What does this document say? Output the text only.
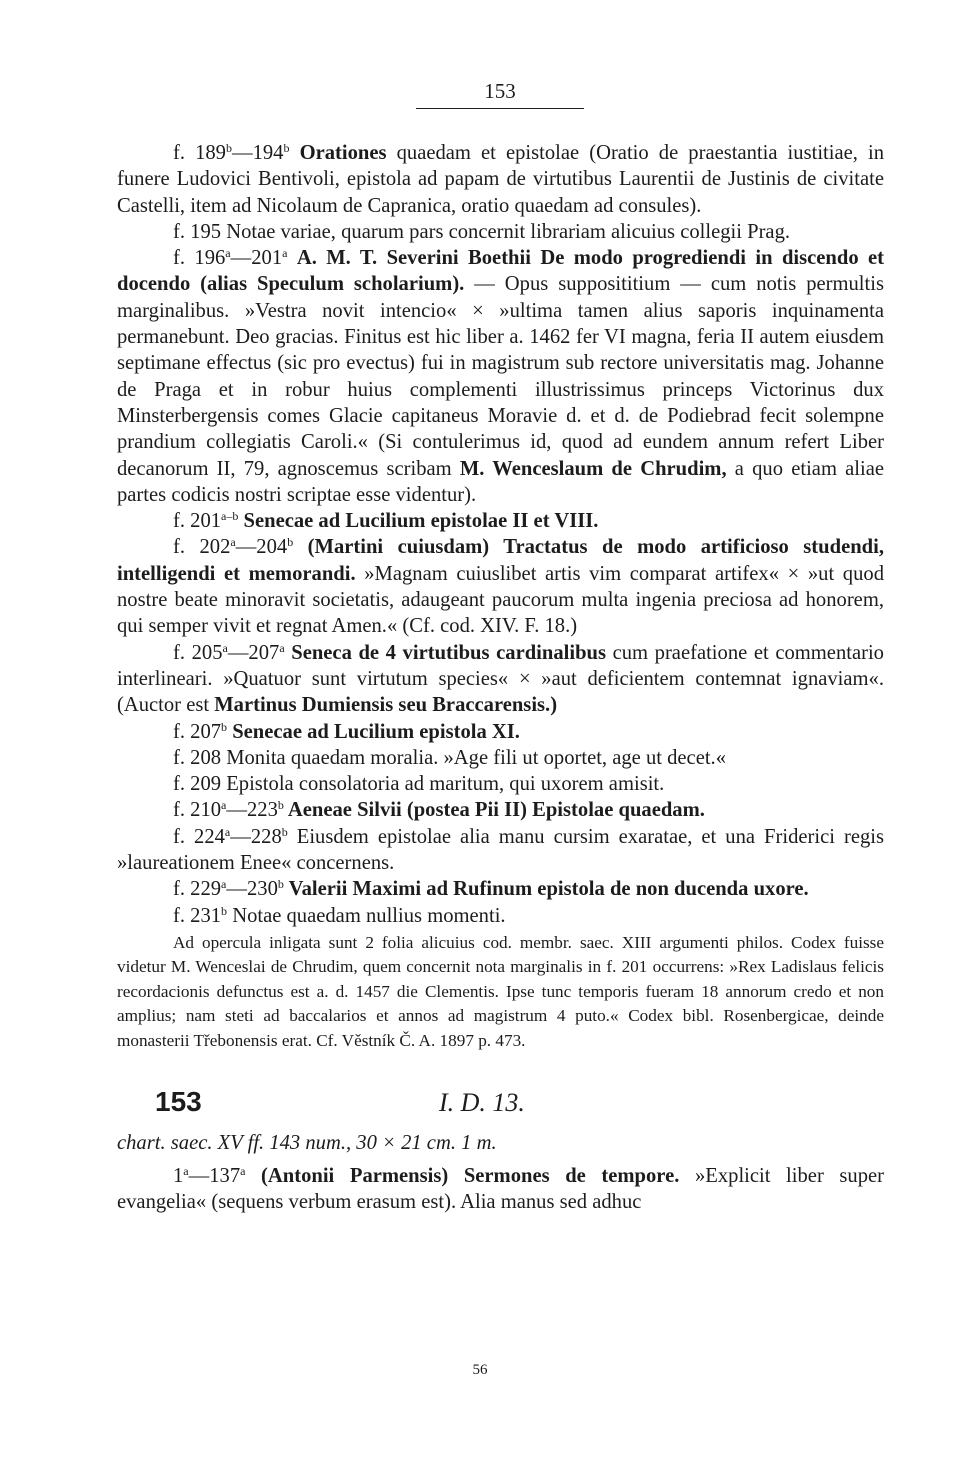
153

f. 189$^b$—194$^b$ Orationes quaedam et epistolae (Oratio de praestantia iustitiae, in funere Ludovici Bentivoli, epistola ad papam de virtutibus Laurentii de Justinis de civitate Castelli, item ad Nicolaum de Capranica, oratio quaedam ad consules).

f. 195 Notae variae, quarum pars concernit librariam alicuius collegii Prag.

f. 196$^a$—201$^a$ A. M. T. Severini Boethii De modo progrediendi in discendo et docendo (alias Speculum scholarium). — Opus supposititium — cum notis permultis marginalibus. »Vestra novit intencio« × »ultima tamen alius saporis inquinamenta permanebunt. Deo gracias. Finitus est hic liber a. 1462 fer VI magna, feria II autem eiusdem septimane effectus (sic pro evectus) fui in magistrum sub rectore universitatis mag. Johanne de Praga et in robur huius complementi illustrissimus princeps Victorinus dux Minsterbergensis comes Glacie capitaneus Moravie d. et d. de Podiebrad fecit solempne prandium collegiatis Caroli.« (Si contulerimus id, quod ad eundem annum refert Liber decanorum II, 79, agnoscemus scribam M. Wenceslaum de Chrudim, a quo etiam aliae partes codicis nostri scriptae esse videntur).

f. 201$^{a-b}$ Senecae ad Lucilium epistolae II et VIII.

f. 202$^a$—204$^b$ (Martini cuiusdam) Tractatus de modo artificioso studendi, intelligendi et memorandi. »Magnam cuiuslibet artis vim comparat artifex« × »ut quod nostre beate minoravit societatis, adaugeant paucorum multa ingenia preciosa ad honorem, qui semper vivit et regnat Amen.« (Cf. cod. XIV. F. 18.)

f. 205$^a$—207$^a$ Seneca de 4 virtutibus cardinalibus cum praefatione et commentario interlineari. »Quatuor sunt virtutum species« × »aut deficientem contemnat ignaviam«. (Auctor est Martinus Dumiensis seu Braccarensis.)

f. 207$^b$ Senecae ad Lucilium epistola XI.

f. 208 Monita quaedam moralia. »Age fili ut oportet, age ut decet.«

f. 209 Epistola consolatoria ad maritum, qui uxorem amisit.

f. 210$^a$—223$^b$ Aeneae Silvii (postea Pii II) Epistolae quaedam.

f. 224$^a$—228$^b$ Eiusdem epistolae alia manu cursim exaratae, et una Friderici regis »laureationem Enee« concernens.

f. 229$^a$—230$^b$ Valerii Maximi ad Rufinum epistola de non ducenda uxore.

f. 231$^b$ Notae quaedam nullius momenti.

Ad opercula inligata sunt 2 folia alicuius cod. membr. saec. XIII argumenti philos. Codex fuisse videtur M. Wenceslai de Chrudim, quem concernit nota marginalis in f. 201 occurrens: »Rex Ladislaus felicis recordacionis defunctus est a. d. 1457 die Clementis. Ipse tunc temporis fueram 18 annorum credo et non amplius; nam steti ad baccalarios et annos ad magistrum 4 puto.« Codex bibl. Rosenbergicae, deinde monasterii Třebonensis erat. Cf. Věstník Č. A. 1897 p. 473.

153	I. D. 13.

chart. saec. XV ff. 143 num., 30 × 21 cm. 1 m.

1$^a$—137$^a$ (Antonii Parmensis) Sermones de tempore. »Explicit liber super evangelia« (sequens verbum erasum est). Alia manus sed adhuc

56
